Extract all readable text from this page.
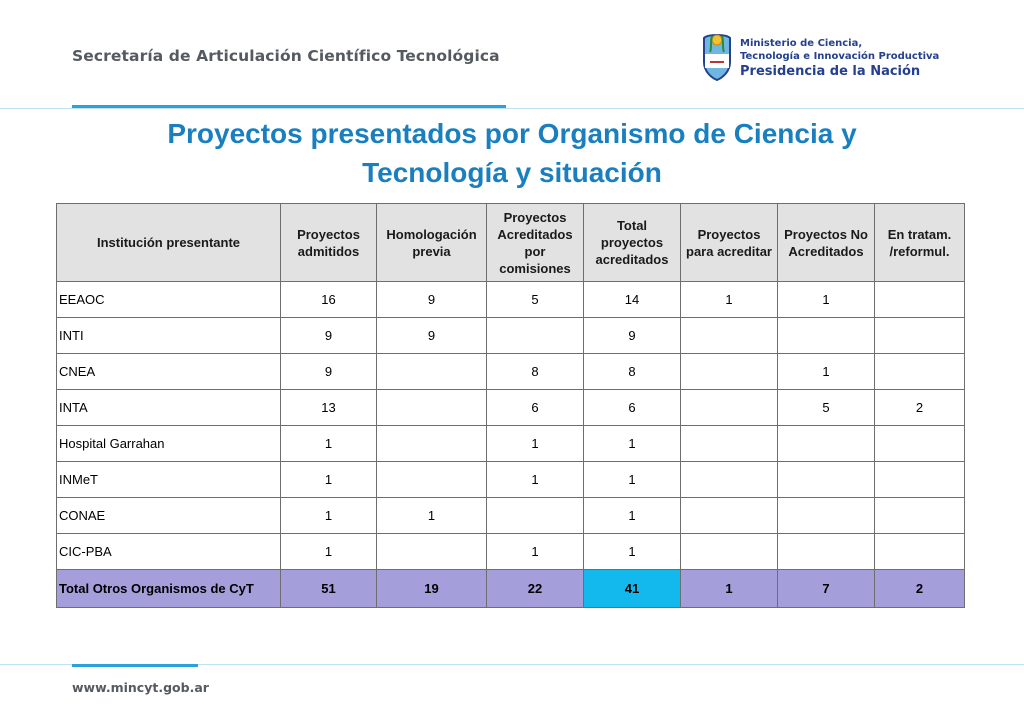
Secretaría de Articulación Científico Tecnológica
Ministerio de Ciencia,
Tecnología e Innovación Productiva
Presidencia de la Nación
Proyectos presentados por Organismo de Ciencia y
Tecnología y situación
Institución presentante	Proyectos admitidos	Homologación previa	Proyectos Acreditados por comisiones	Total proyectos acreditados	Proyectos para acreditar	Proyectos No Acreditados	En tratam. /reformul.
EEAOC	16	9	5	14	1	1	
INTI	9	9		9			
CNEA	9		8	8		1	
INTA	13		6	6		5	2
Hospital Garrahan	1		1	1			
INMeT	1		1	1			
CONAE	1	1		1			
CIC-PBA	1		1	1			
Total Otros Organismos de CyT	51	19	22	41	1	7	2
www.mincyt.gob.ar
